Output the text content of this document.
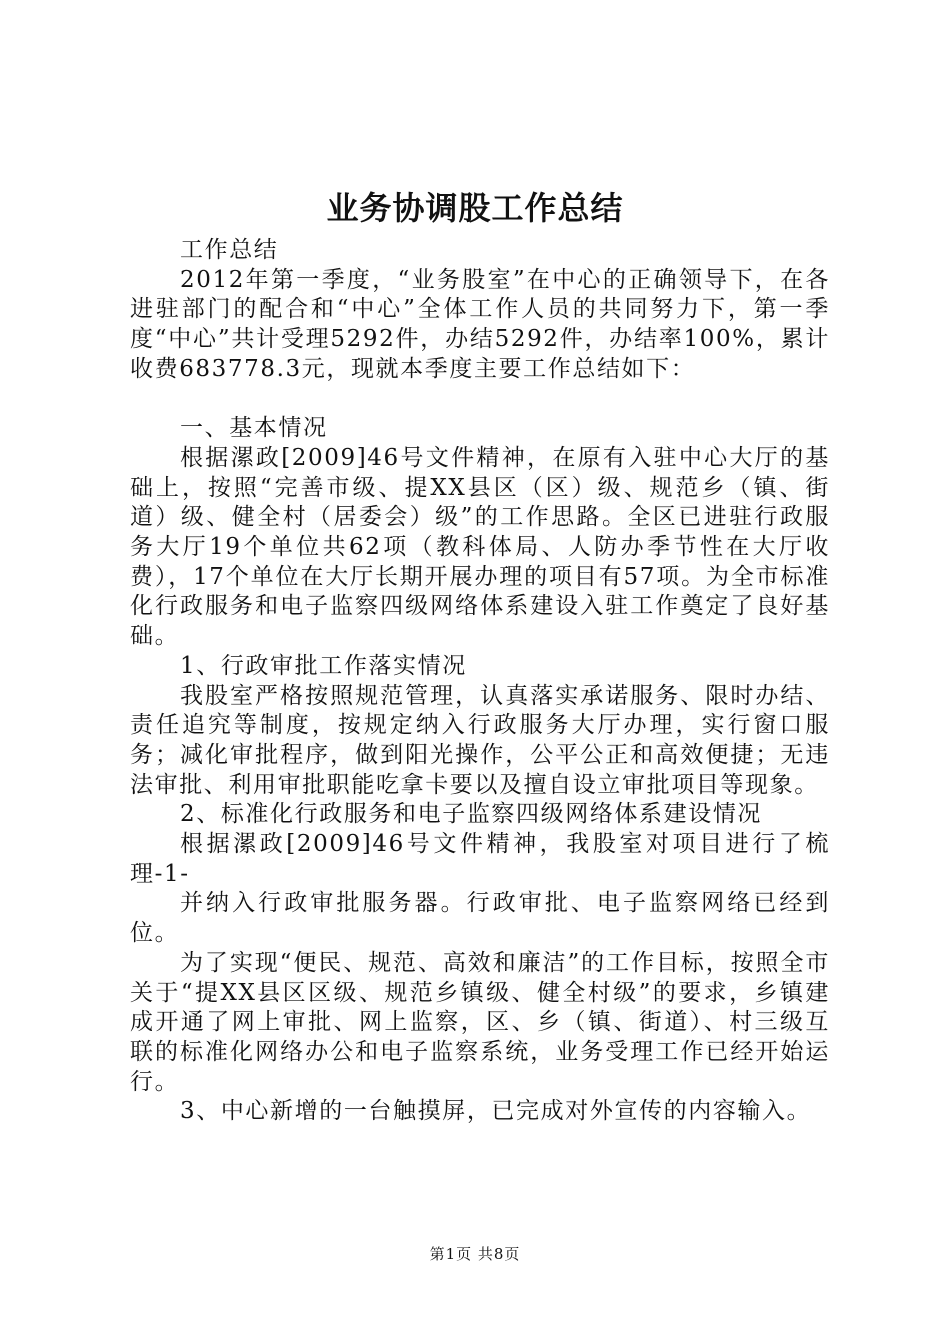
业务协调股工作总结

工作总结

2012年第一季度，“业务股室”在中心的正确领导下，在各进驻部门的配合和“中心”全体工作人员的共同努力下，第一季度“中心”共计受理5292件，办结5292件，办结率100%，累计收费683778.3元，现就本季度主要工作总结如下：

一、基本情况

根据漯政[2009]46号文件精神，在原有入驻中心大厅的基础上，按照“完善市级、提XX县区（区）级、规范乡（镇、街道）级、健全村（居委会）级”的工作思路。全区已进驻行政服务大厅19个单位共62项（教科体局、人防办季节性在大厅收费），17个单位在大厅长期开展办理的项目有57项。为全市标准化行政服务和电子监察四级网络体系建设入驻工作奠定了良好基础。

1、行政审批工作落实情况

我股室严格按照规范管理，认真落实承诺服务、限时办结、责任追究等制度，按规定纳入行政服务大厅办理，实行窗口服务；减化审批程序，做到阳光操作，公平公正和高效便捷；无违法审批、利用审批职能吃拿卡要以及擅自设立审批项目等现象。

2、标准化行政服务和电子监察四级网络体系建设情况

根据漯政[2009]46号文件精神，我股室对项目进行了梳理-1-

并纳入行政审批服务器。行政审批、电子监察网络已经到位。

为了实现“便民、规范、高效和廉洁”的工作目标，按照全市关于“提XX县区区级、规范乡镇级、健全村级”的要求，乡镇建成开通了网上审批、网上监察，区、乡（镇、街道）、村三级互联的标准化网络办公和电子监察系统，业务受理工作已经开始运行。

3、中心新增的一台触摸屏，已完成对外宣传的内容输入。

第1页 共8页
